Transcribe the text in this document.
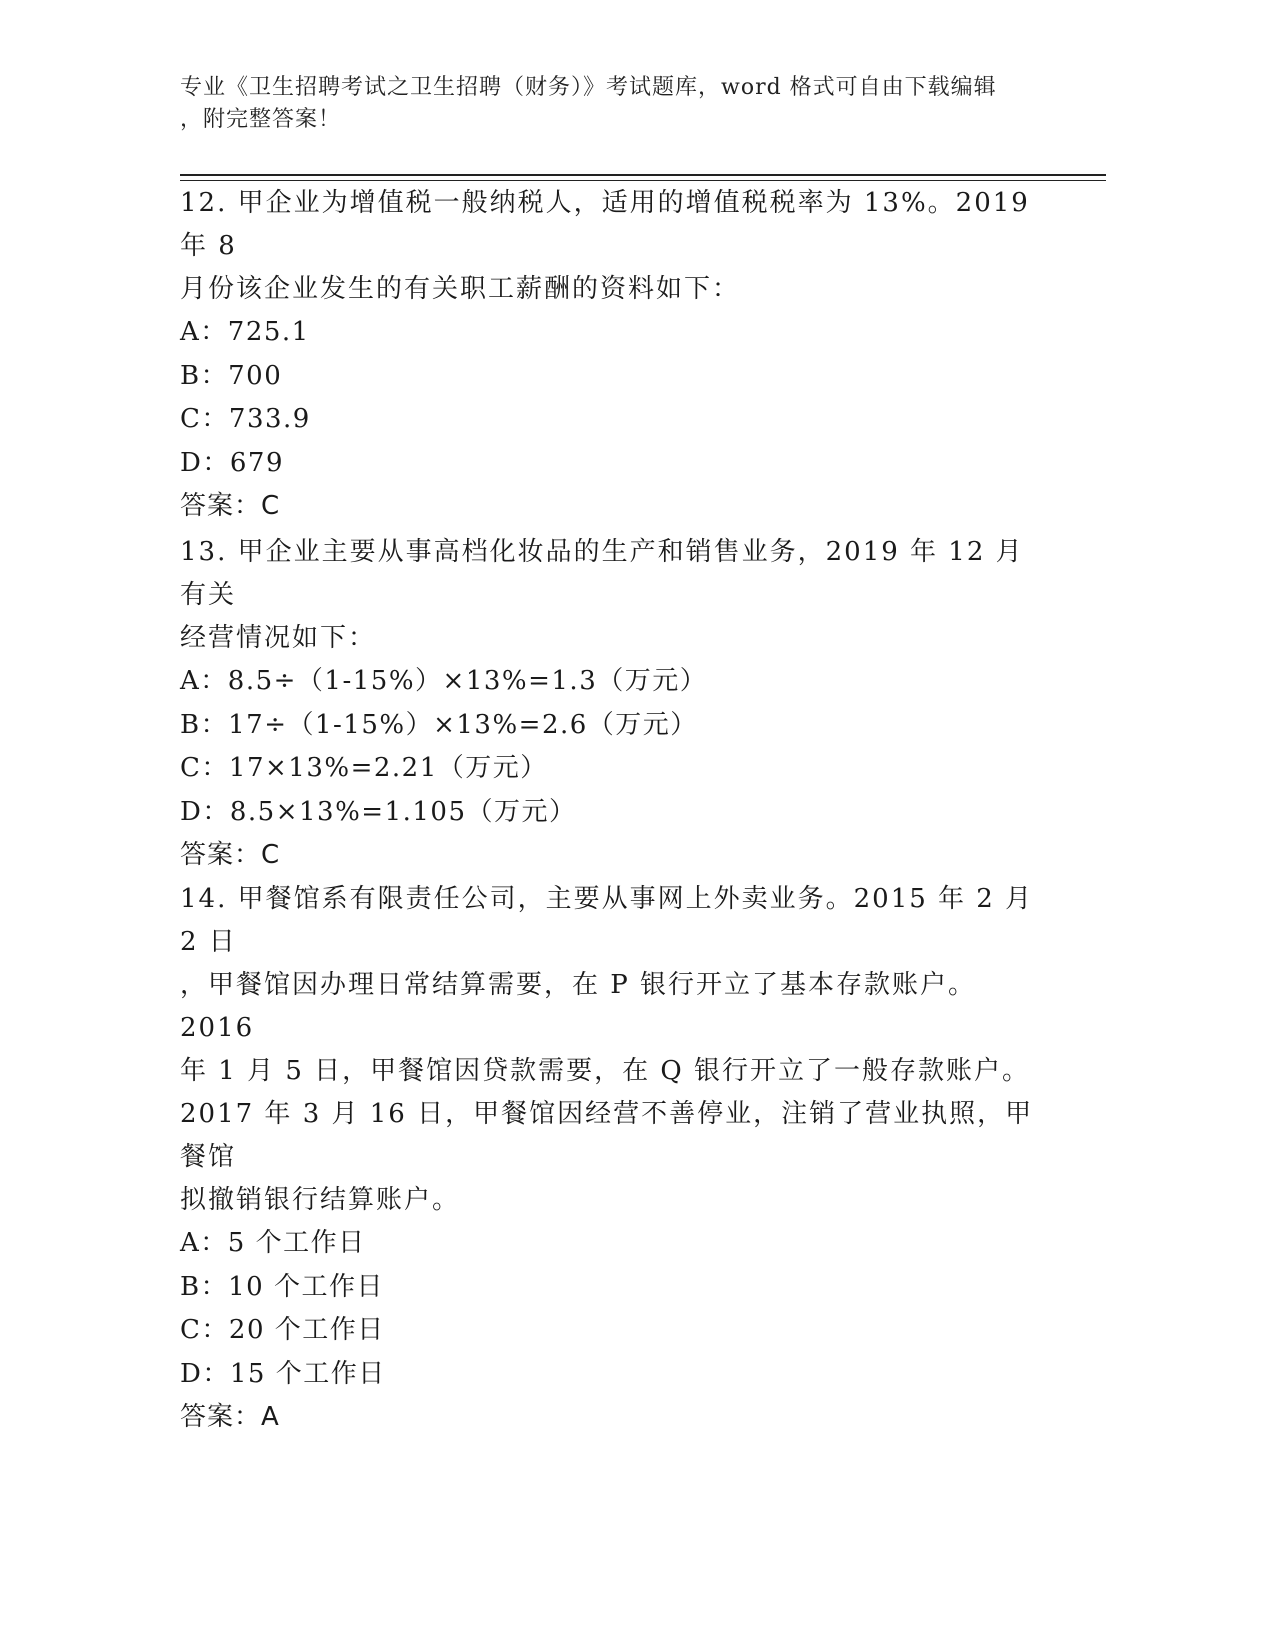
专业《卫生招聘考试之卫生招聘（财务）》考试题库，word 格式可自由下载编辑
，附完整答案！

12. 甲企业为增值税一般纳税人，适用的增值税税率为 13%。2019 年 8

月份该企业发生的有关职工薪酬的资料如下：

A：725.1

B：700

C：733.9

D：679

答案：C

13. 甲企业主要从事高档化妆品的生产和销售业务，2019 年 12 月有关

经营情况如下：

A：8.5÷（1-15%）×13%=1.3（万元）

B：17÷（1-15%）×13%=2.6（万元）

C：17×13%=2.21（万元）

D：8.5×13%=1.105（万元）

答案：C

14. 甲餐馆系有限责任公司，主要从事网上外卖业务。2015 年 2 月 2 日

，甲餐馆因办理日常结算需要，在 P 银行开立了基本存款账户。2016

年 1 月 5 日，甲餐馆因贷款需要，在 Q 银行开立了一般存款账户。

2017 年 3 月 16 日，甲餐馆因经营不善停业，注销了营业执照，甲餐馆

拟撤销银行结算账户。

A：5 个工作日

B：10 个工作日

C：20 个工作日

D：15 个工作日

答案：A
